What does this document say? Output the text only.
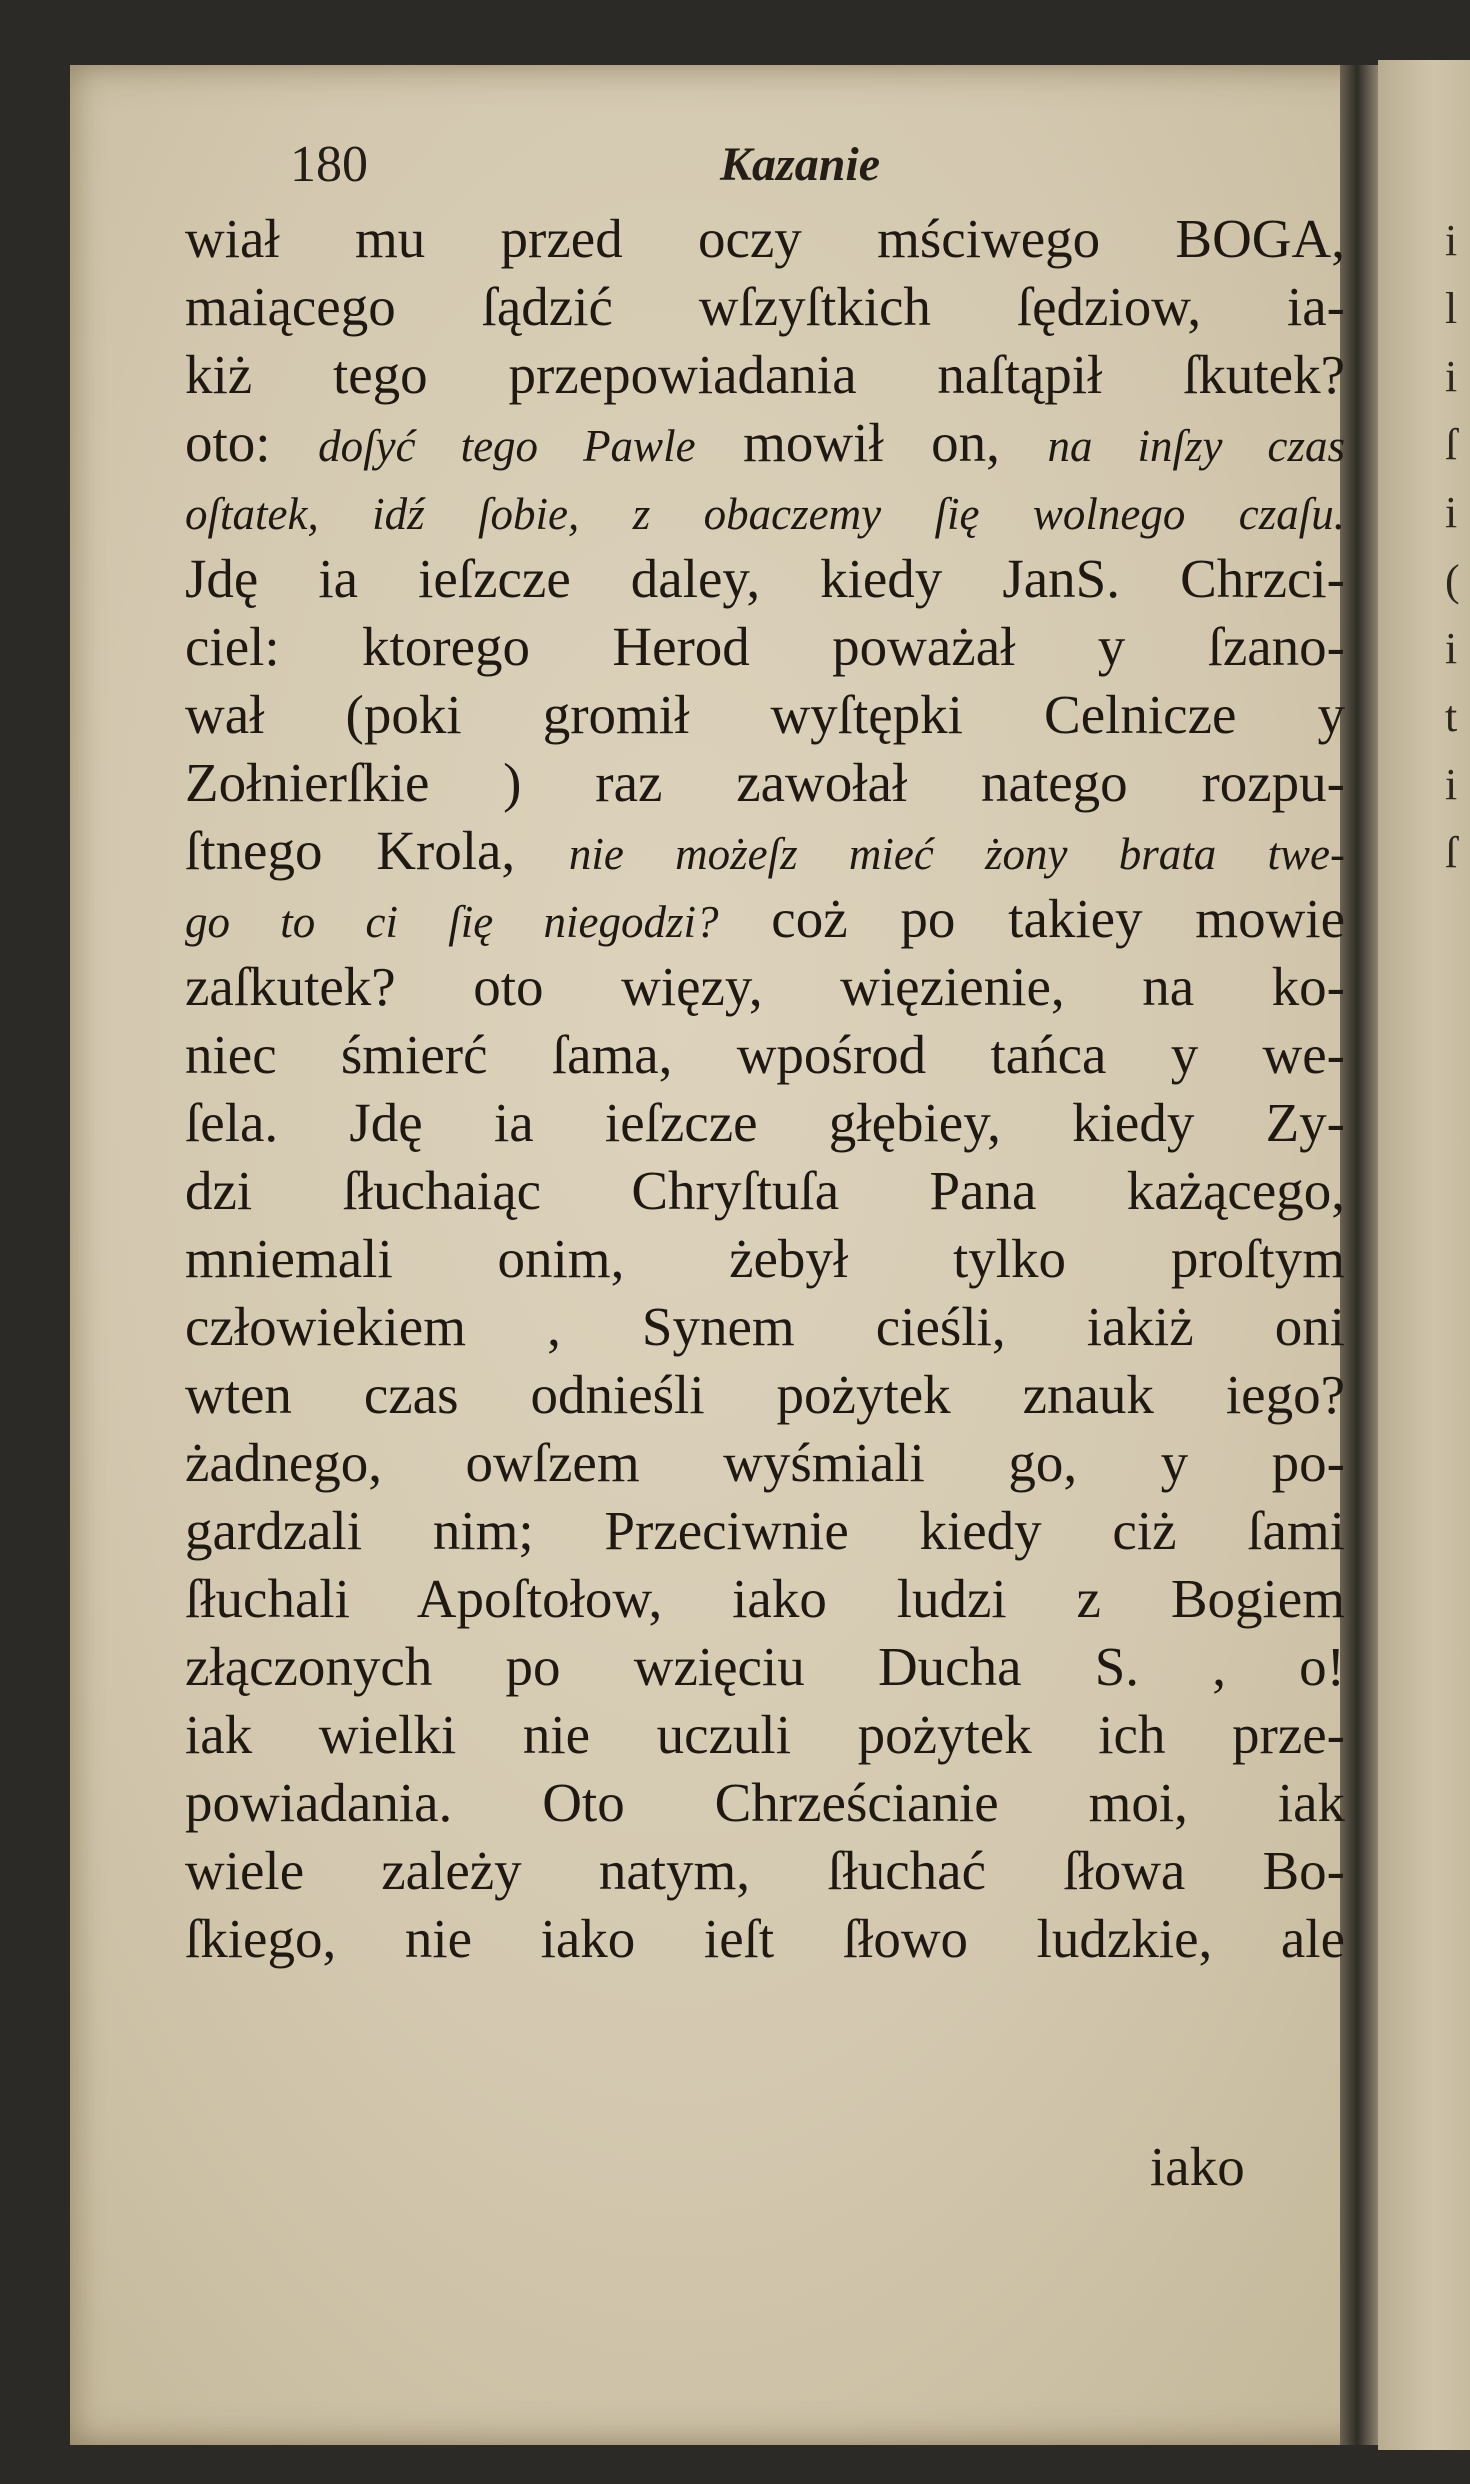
i
l
i
ſ
i
(
i
t
i
ſ
180	Kazanie
wiał mu przed oczy mściwego BOGA,
maiącego ſądzić wſzyſtkich ſędziow, ia-
kiż tego przepowiadania naſtąpił ſkutek?
oto: doſyć tego Pawle mowił on, na inſzy czas
oſtatek, idź ſobie, z obaczemy ſię wolnego czaſu.
Jdę ia ieſzcze daley, kiedy JanS. Chrzci-
ciel: ktorego Herod poważał y ſzano-
wał (poki gromił wyſtępki Celnicze y
Zołnierſkie ) raz zawołał natego rozpu-
ſtnego Krola, nie możeſz mieć żony brata twe-
go to ci ſię niegodzi? coż po takiey mowie
zaſkutek? oto więzy, więzienie, na ko-
niec śmierć ſama, wpośrod tańca y we-
ſela. Jdę ia ieſzcze głębiey, kiedy Zy-
dzi ſłuchaiąc Chryſtuſa Pana każącego,
mniemali onim, żebył tylko proſtym
człowiekiem , Synem cieśli, iakiż oni
wten czas odnieśli pożytek znauk iego?
żadnego, owſzem wyśmiali go, y po-
gardzali nim; Przeciwnie kiedy ciż ſami
ſłuchali Apoſtołow, iako ludzi z Bogiem
złączonych po wzięciu Ducha S. , o!
iak wielki nie uczuli pożytek ich prze-
powiadania. Oto Chrześcianie moi, iak
wiele zależy natym, ſłuchać ſłowa Bo-
ſkiego, nie iako ieſt ſłowo ludzkie, ale
iako
